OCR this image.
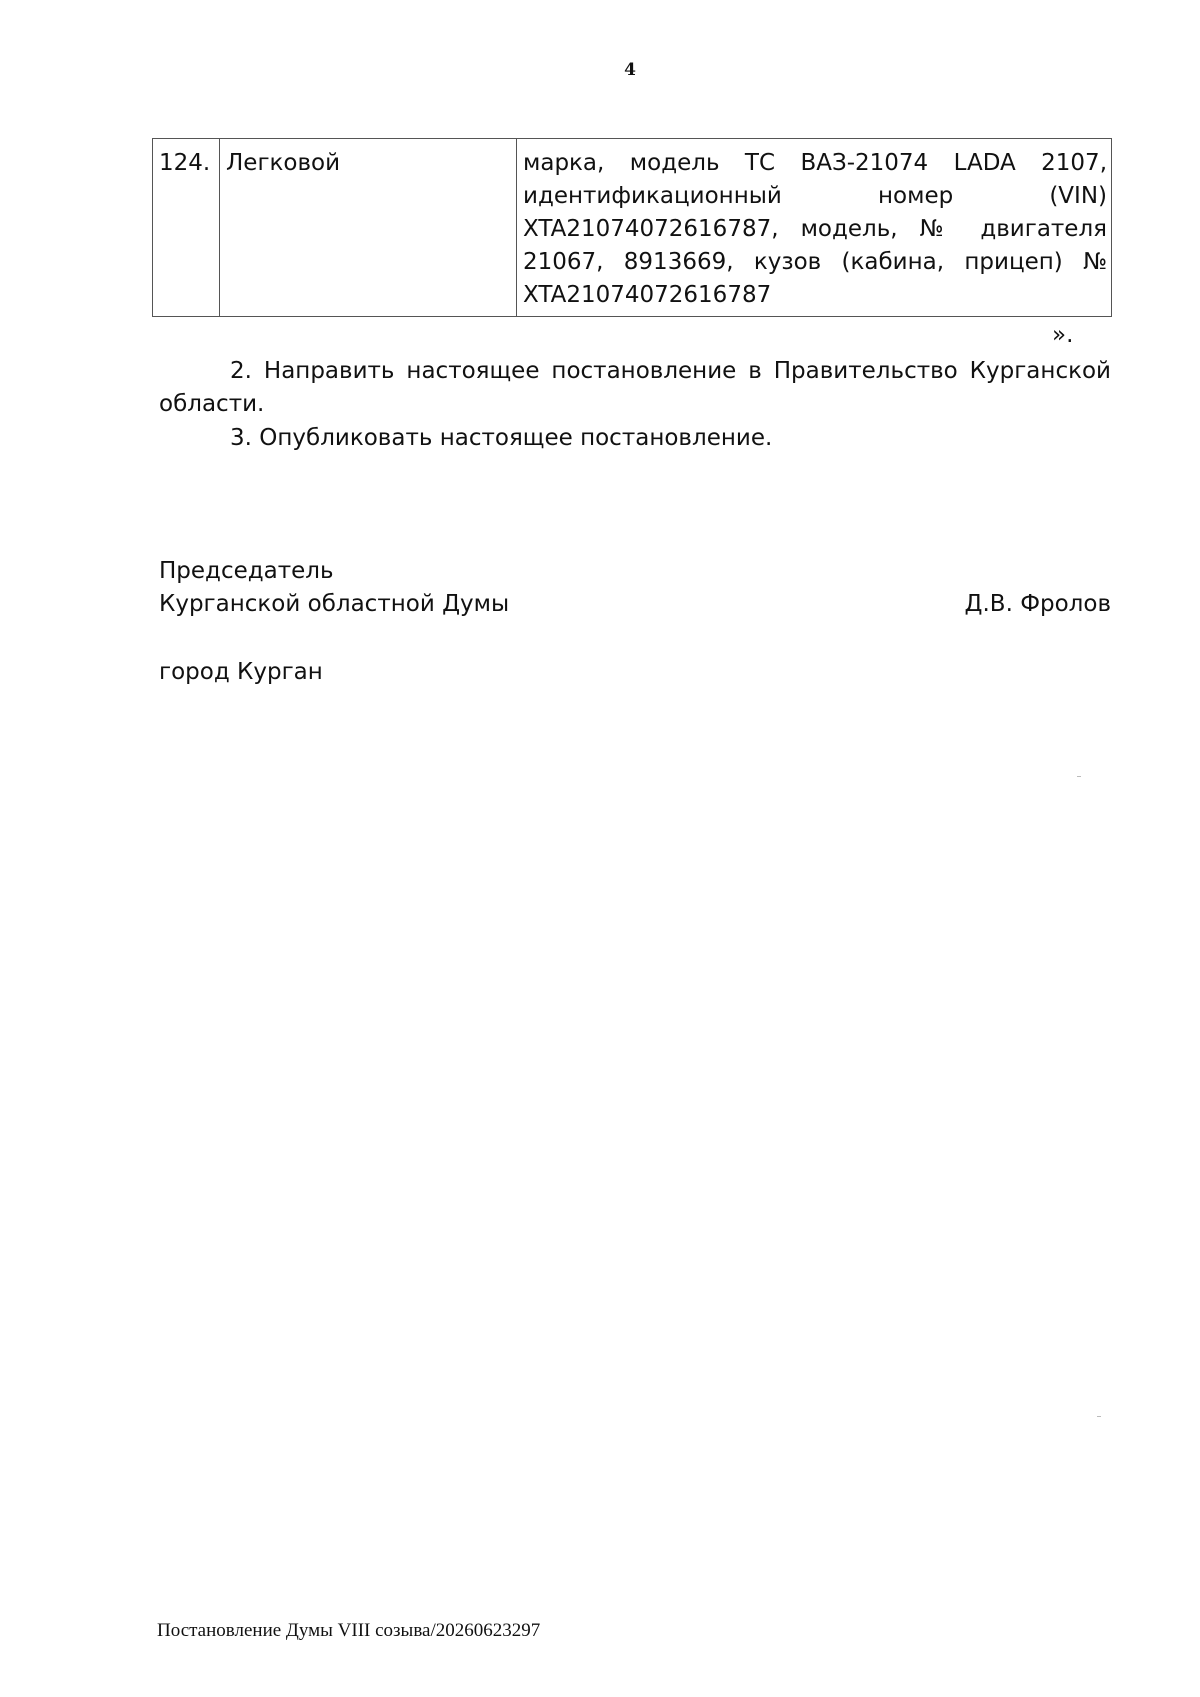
4
124.	Легковой	марка, модель ТС ВАЗ-21074 LADA 2107, идентификационный номер (VIN) XTA21074072616787, модель, № двигателя 21067, 8913669, кузов (кабина, прицеп) № XTA21074072616787
».
2. Направить настоящее постановление в Правительство Курганской области.
3. Опубликовать настоящее постановление.
Председатель
Курганской областной Думы	Д.В. Фролов
город Курган
Постановление Думы VIII созыва/20260623297
